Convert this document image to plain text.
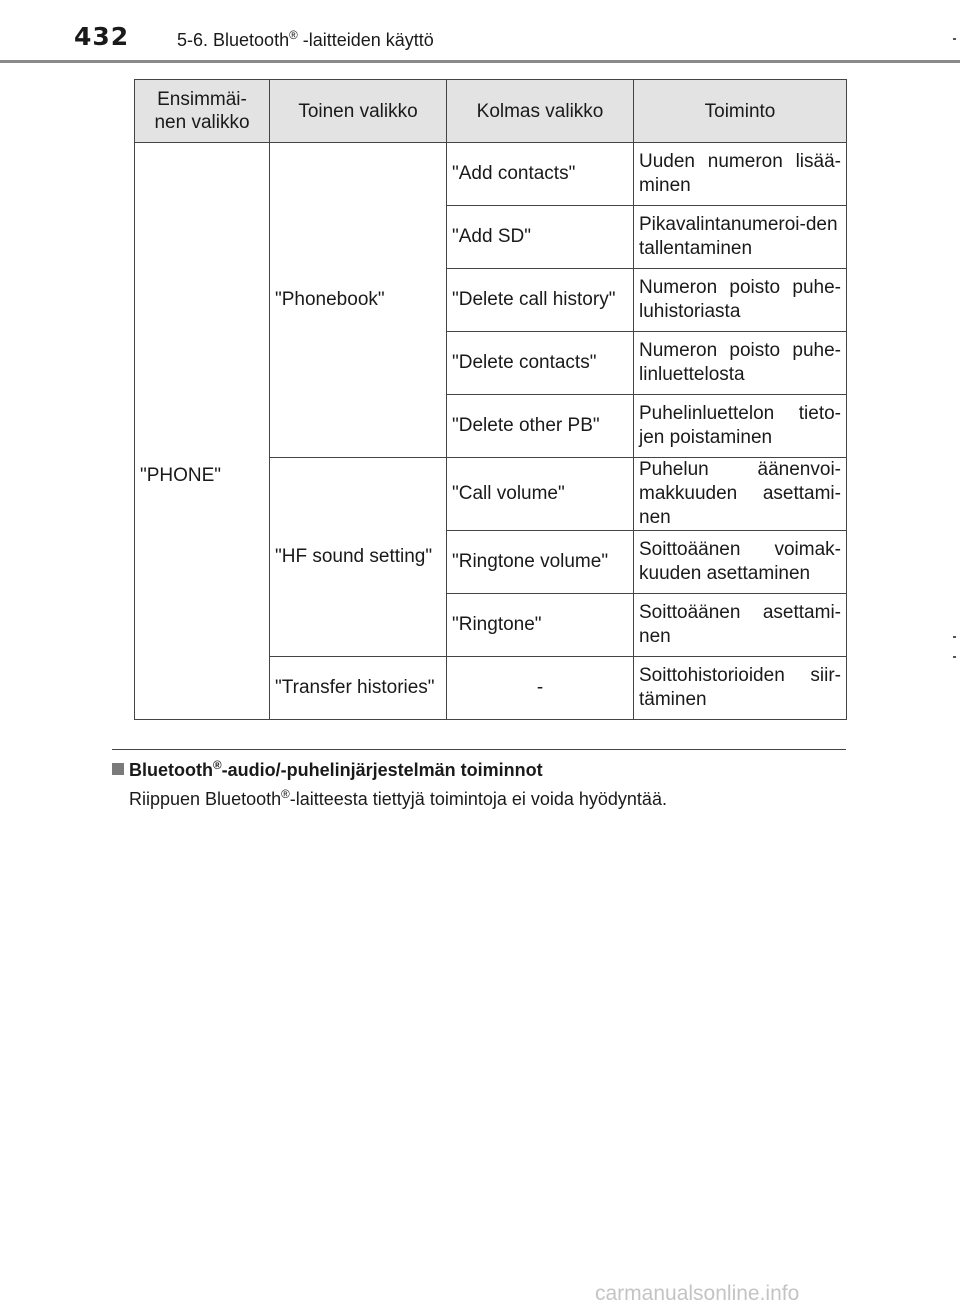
432	5-6. Bluetooth® -laitteiden käyttö
Ensimmäi-
nen valikko	Toinen valikko	Kolmas valikko	Toiminto
"PHONE"	"Phonebook"	"Add contacts"	Uuden numeron lisää-minen
		"Add SD"	Pikavalintanumeroi-den tallentaminen
		"Delete call history"	Numeron poisto puhe-luhistoriasta
		"Delete contacts"	Numeron poisto puhe-linluettelosta
		"Delete other PB"	Puhelinluettelon tieto-jen poistaminen
	"HF sound setting"	"Call volume"	Puhelun äänenvoi-makkuuden asettami-nen
		"Ringtone volume"	Soittoäänen voimak-kuuden asettaminen
		"Ringtone"	Soittoäänen asettami-nen
	"Transfer histories"	-	Soittohistorioiden siir-täminen
Bluetooth®-audio/-puhelinjärjestelmän toiminnot
Riippuen Bluetooth®-laitteesta tiettyjä toimintoja ei voida hyödyntää.
carmanualsonline.info
